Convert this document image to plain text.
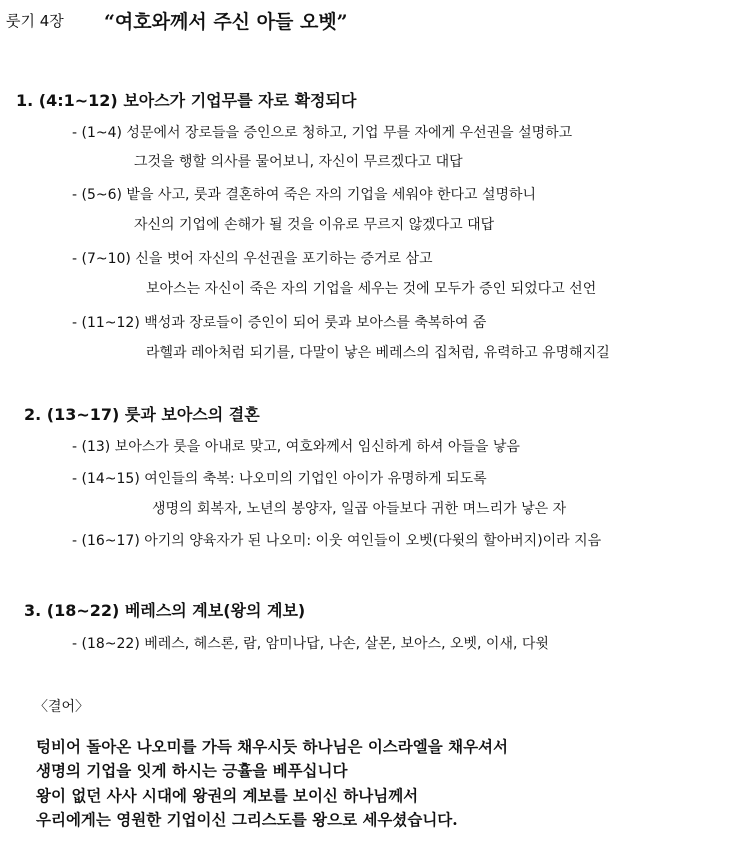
룻기 4장 “여호와께서 주신 아들 오벳”
1. (4:1~12) 보아스가 기업무를 자로 확정되다
- (1~4) 성문에서 장로들을 증인으로 청하고, 기업 무를 자에게 우선권을 설명하고
그것을 행할 의사를 물어보니, 자신이 무르겠다고 대답
- (5~6) 밭을 사고, 룻과 결혼하여 죽은 자의 기업을 세워야 한다고 설명하니
자신의 기업에 손해가 될 것을 이유로 무르지 않겠다고 대답
- (7~10) 신을 벗어 자신의 우선권을 포기하는 증거로 삼고
보아스는 자신이 죽은 자의 기업을 세우는 것에 모두가 증인 되었다고 선언
- (11~12) 백성과 장로들이 증인이 되어 룻과 보아스를 축복하여 줌
라헬과 레아처럼 되기를, 다말이 낳은 베레스의 집처럼, 유력하고 유명해지길
2. (13~17) 룻과 보아스의 결혼
- (13) 보아스가 룻을 아내로 맞고, 여호와께서 임신하게 하셔 아들을 낳음
- (14~15) 여인들의 축복: 나오미의 기업인 아이가 유명하게 되도록
생명의 회복자, 노년의 봉양자, 일곱 아들보다 귀한 며느리가 낳은 자
- (16~17) 아기의 양육자가 된 나오미: 이웃 여인들이 오벳(다윗의 할아버지)이라 지음
3. (18~22) 베레스의 계보(왕의 계보)
- (18~22) 베레스, 헤스론, 람, 암미나답, 나손, 살몬, 보아스, 오벳, 이새, 다윗
〈결어〉
텅비어 돌아온 나오미를 가득 채우시듯 하나님은 이스라엘을 채우셔서
생명의 기업을 잇게 하시는 긍휼을 베푸십니다
왕이 없던 사사 시대에 왕권의 계보를 보이신 하나님께서
우리에게는 영원한 기업이신 그리스도를 왕으로 세우셨습니다.
